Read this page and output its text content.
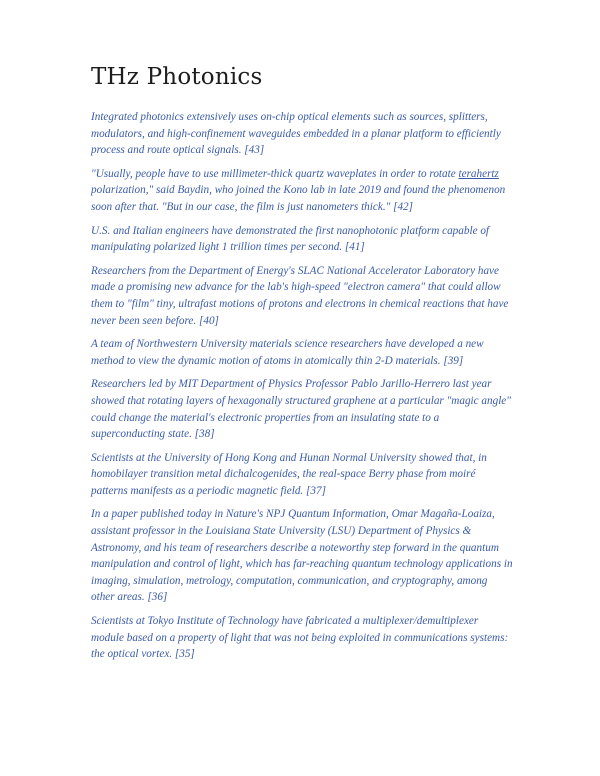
THz Photonics

Integrated photonics extensively uses on-chip optical elements such as sources, splitters, modulators, and high-confinement waveguides embedded in a planar platform to efficiently process and route optical signals. [43]

"Usually, people have to use millimeter-thick quartz waveplates in order to rotate terahertz polarization," said Baydin, who joined the Kono lab in late 2019 and found the phenomenon soon after that. "But in our case, the film is just nanometers thick." [42]

U.S. and Italian engineers have demonstrated the first nanophotonic platform capable of manipulating polarized light 1 trillion times per second. [41]

Researchers from the Department of Energy's SLAC National Accelerator Laboratory have made a promising new advance for the lab's high-speed "electron camera" that could allow them to "film" tiny, ultrafast motions of protons and electrons in chemical reactions that have never been seen before. [40]

A team of Northwestern University materials science researchers have developed a new method to view the dynamic motion of atoms in atomically thin 2-D materials. [39]

Researchers led by MIT Department of Physics Professor Pablo Jarillo-Herrero last year showed that rotating layers of hexagonally structured graphene at a particular "magic angle" could change the material's electronic properties from an insulating state to a superconducting state. [38]

Scientists at the University of Hong Kong and Hunan Normal University showed that, in homobilayer transition metal dichalcogenides, the real-space Berry phase from moiré patterns manifests as a periodic magnetic field. [37]

In a paper published today in Nature's NPJ Quantum Information, Omar Magaña-Loaiza, assistant professor in the Louisiana State University (LSU) Department of Physics & Astronomy, and his team of researchers describe a noteworthy step forward in the quantum manipulation and control of light, which has far-reaching quantum technology applications in imaging, simulation, metrology, computation, communication, and cryptography, among other areas. [36]

Scientists at Tokyo Institute of Technology have fabricated a multiplexer/demultiplexer module based on a property of light that was not being exploited in communications systems: the optical vortex. [35]
